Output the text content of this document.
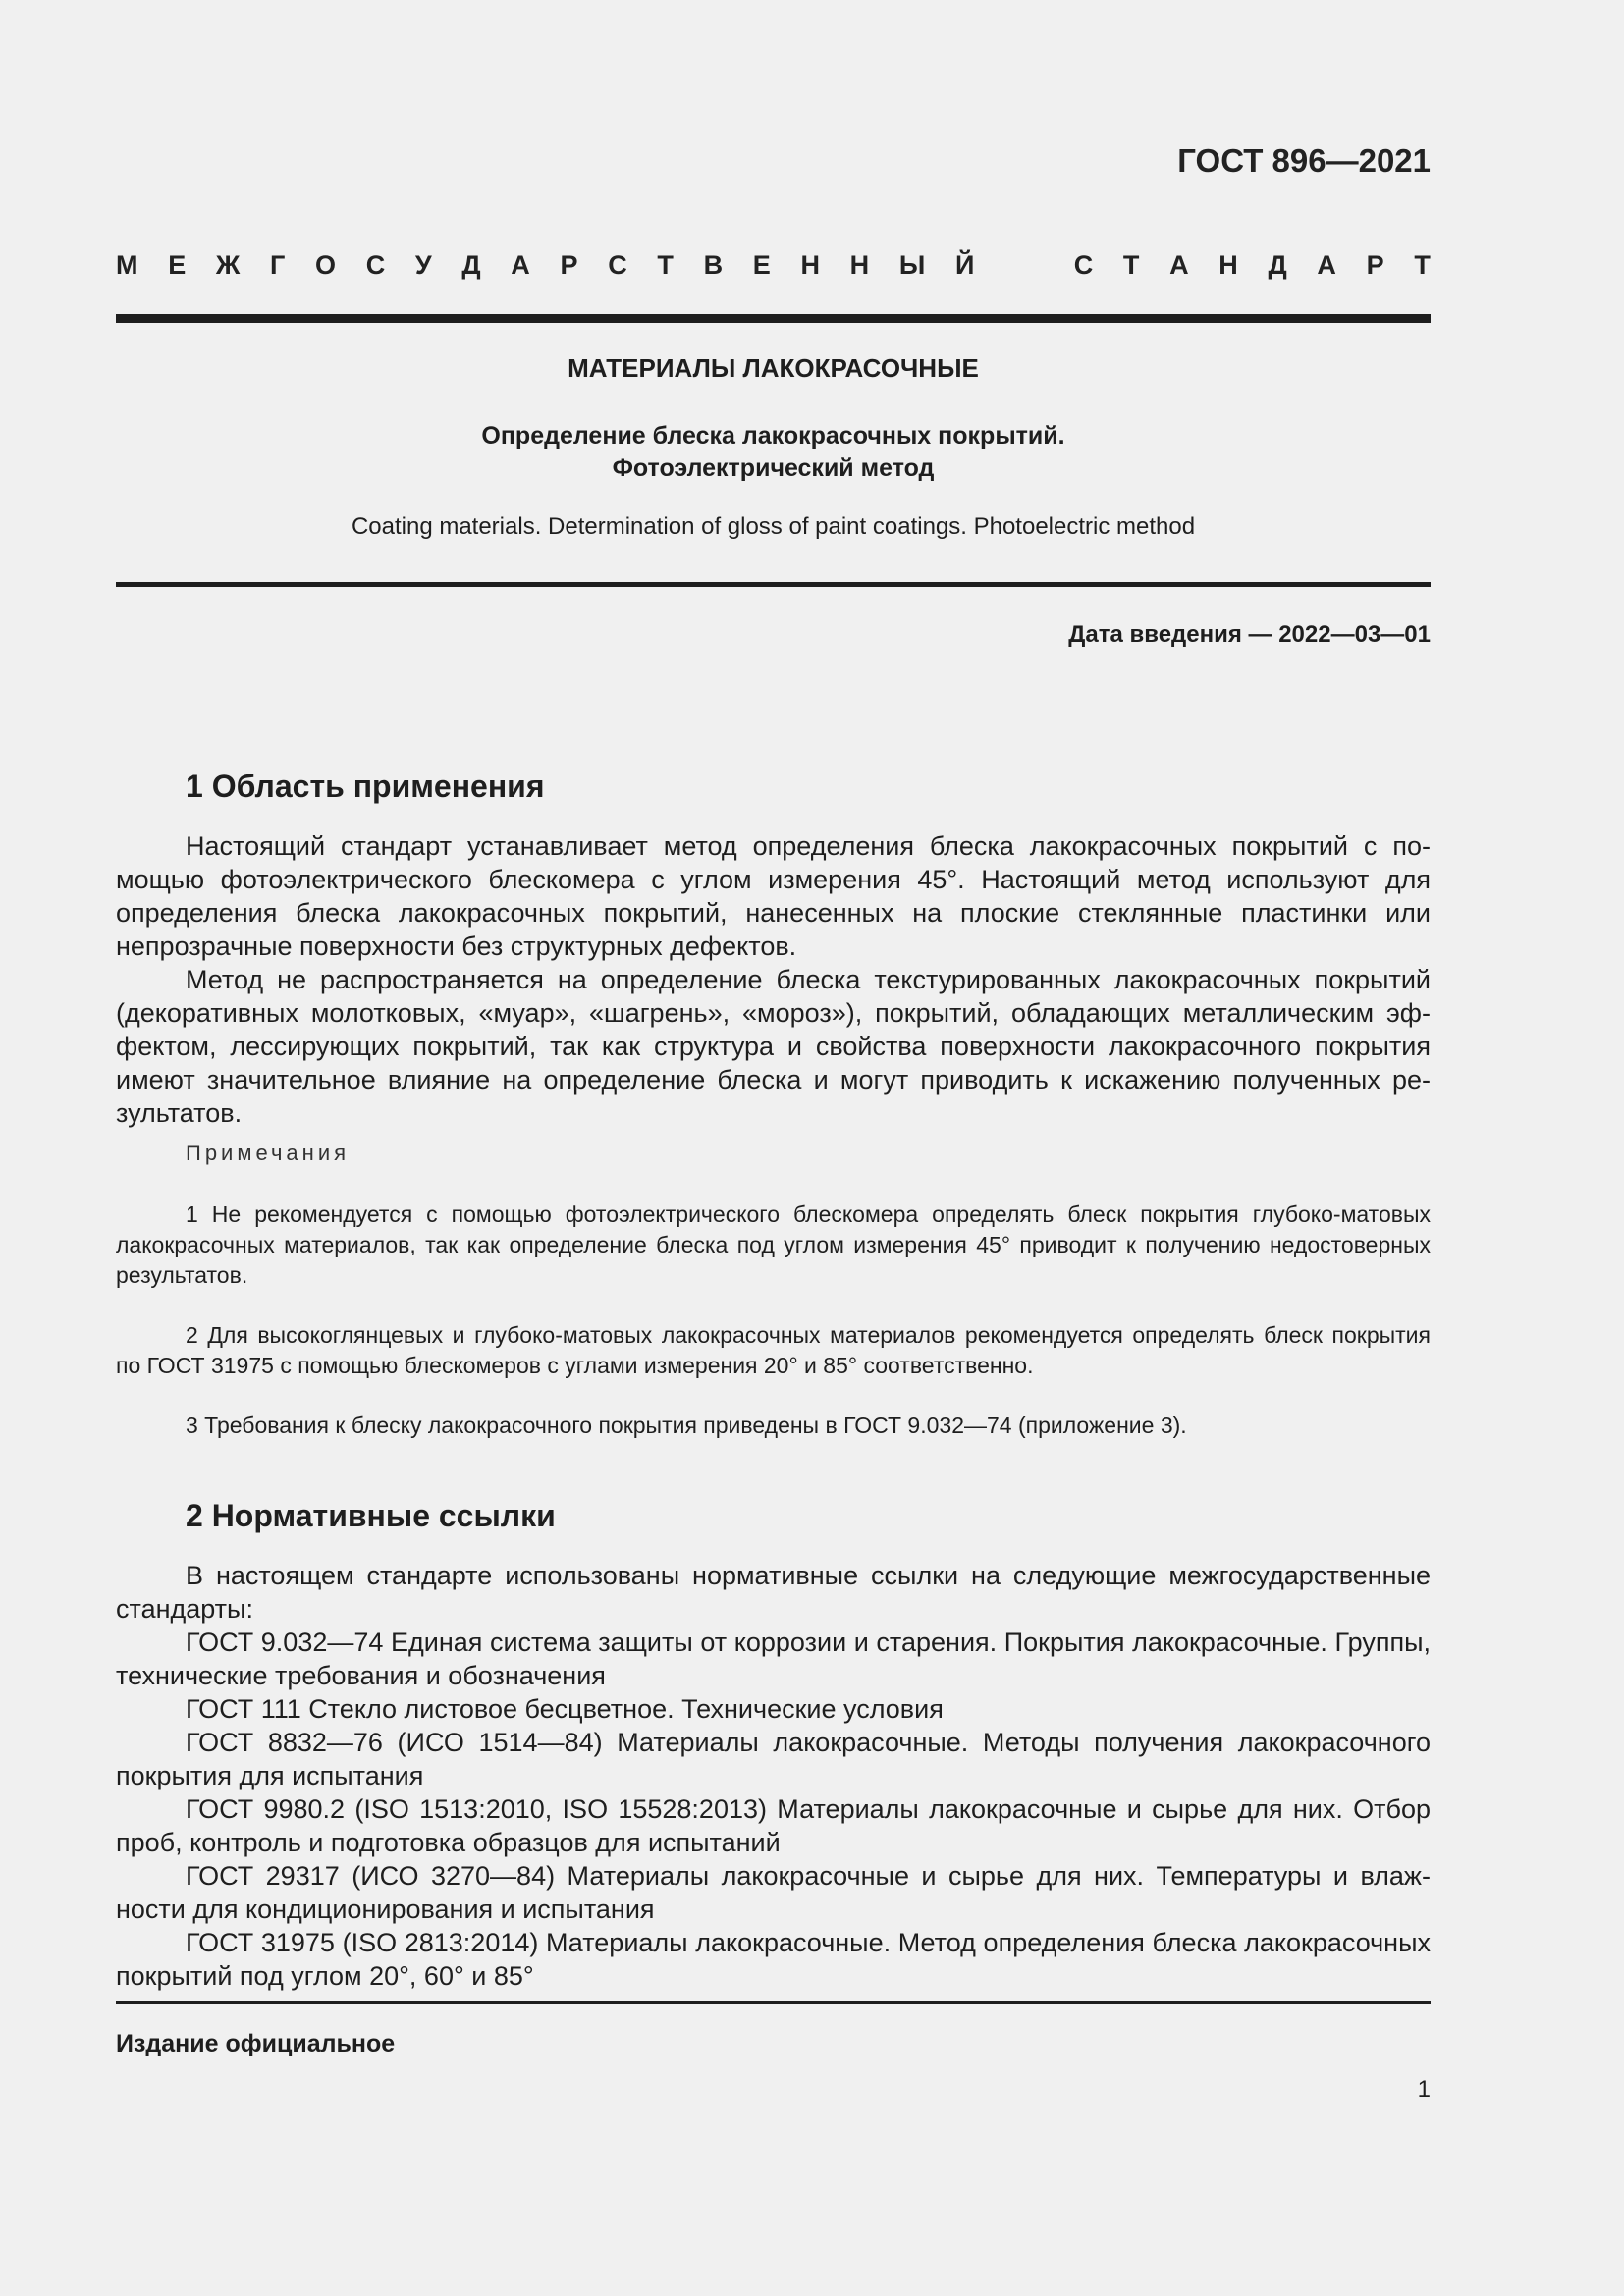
ГОСТ 896—2021
М Е Ж Г О С У Д А Р С Т В Е Н Н Ы Й	С Т А Н Д А Р Т
МАТЕРИАЛЫ ЛАКОКРАСОЧНЫЕ
Определение блеска лакокрасочных покрытий.
Фотоэлектрический метод
Coating materials. Determination of gloss of paint coatings. Photoelectric method
Дата введения — 2022—03—01
1 Область применения

Настоящий стандарт устанавливает метод определения блеска лакокрасочных покрытий с помощью фотоэлектрического блескомера с углом измерения 45°. Настоящий метод используют для определения блеска лакокрасочных покрытий, нанесенных на плоские стеклянные пластинки или непрозрачные поверхности без структурных дефектов.

Метод не распространяется на определение блеска текстурированных лакокрасочных покрытий (декоративных молотковых, «муар», «шагрень», «мороз»), покрытий, обладающих металлическим эффектом, лессирующих покрытий, так как структура и свойства поверхности лакокрасочного покрытия имеют значительное влияние на определение блеска и могут приводить к искажению полученных результатов.

Примечания

1 Не рекомендуется с помощью фотоэлектрического блескомера определять блеск покрытия глубоко-матовых лакокрасочных материалов, так как определение блеска под углом измерения 45° приводит к получению недостоверных результатов.

2 Для высокоглянцевых и глубоко-матовых лакокрасочных материалов рекомендуется определять блеск покрытия по ГОСТ 31975 с помощью блескомеров с углами измерения 20° и 85° соответственно.

3 Требования к блеску лакокрасочного покрытия приведены в ГОСТ 9.032—74 (приложение 3).

2 Нормативные ссылки

В настоящем стандарте использованы нормативные ссылки на следующие межгосударственные стандарты:

ГОСТ 9.032—74 Единая система защиты от коррозии и старения. Покрытия лакокрасочные. Группы, технические требования и обозначения

ГОСТ 111 Стекло листовое бесцветное. Технические условия

ГОСТ 8832—76 (ИСО 1514—84) Материалы лакокрасочные. Методы получения лакокрасочного покрытия для испытания

ГОСТ 9980.2 (ISO 1513:2010, ISO 15528:2013) Материалы лакокрасочные и сырье для них. Отбор проб, контроль и подготовка образцов для испытаний

ГОСТ 29317 (ИСО 3270—84) Материалы лакокрасочные и сырье для них. Температуры и влажности для кондиционирования и испытания

ГОСТ 31975 (ISO 2813:2014) Материалы лакокрасочные. Метод определения блеска лакокрасочных покрытий под углом 20°, 60° и 85°

Издание официальное
1
